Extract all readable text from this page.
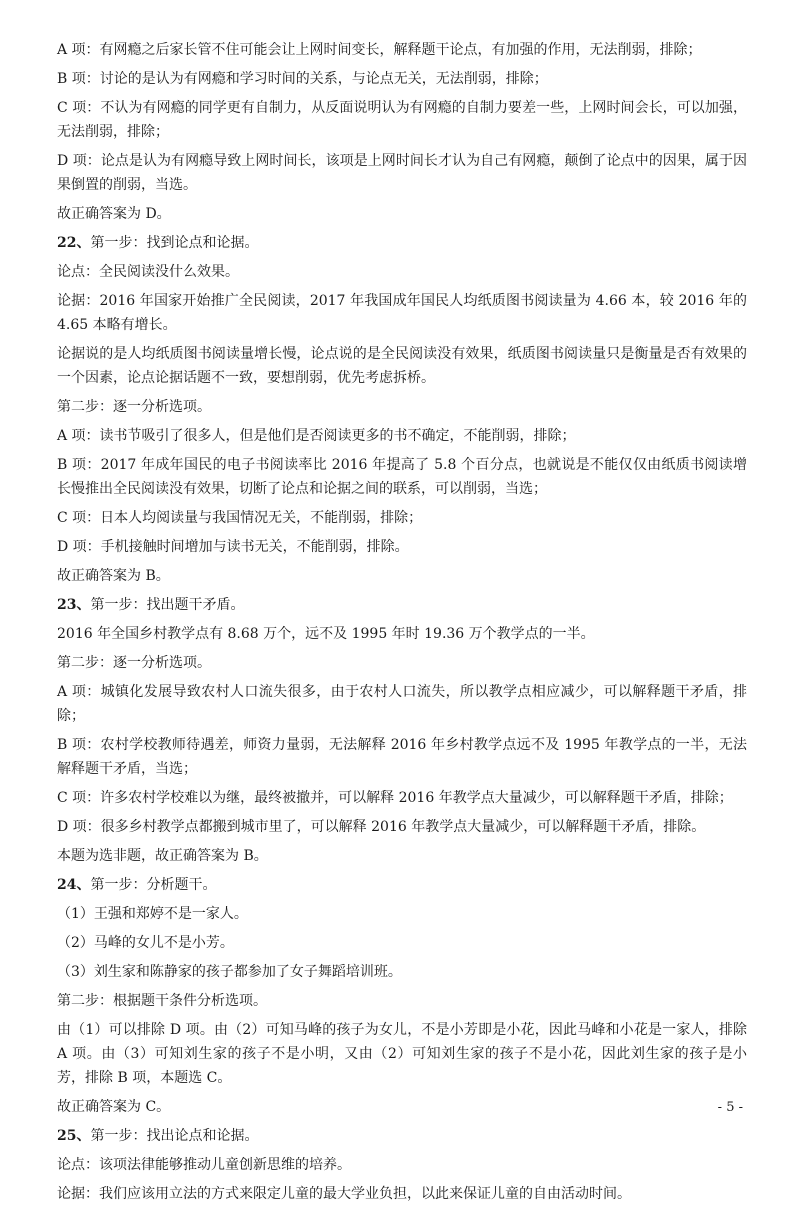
A 项：有网瘾之后家长管不住可能会让上网时间变长，解释题干论点，有加强的作用，无法削弱，排除；
B 项：讨论的是认为有网瘾和学习时间的关系，与论点无关，无法削弱，排除；
C 项：不认为有网瘾的同学更有自制力，从反面说明认为有网瘾的自制力要差一些，上网时间会长，可以加强，无法削弱，排除；
D 项：论点是认为有网瘾导致上网时间长，该项是上网时间长才认为自己有网瘾，颠倒了论点中的因果，属于因果倒置的削弱，当选。
故正确答案为 D。
22、第一步：找到论点和论据。
论点：全民阅读没什么效果。
论据：2016 年国家开始推广全民阅读，2017 年我国成年国民人均纸质图书阅读量为 4.66 本，较 2016 年的 4.65 本略有增长。
论据说的是人均纸质图书阅读量增长慢，论点说的是全民阅读没有效果，纸质图书阅读量只是衡量是否有效果的一个因素，论点论据话题不一致，要想削弱，优先考虑拆桥。
第二步：逐一分析选项。
A 项：读书节吸引了很多人，但是他们是否阅读更多的书不确定，不能削弱，排除；
B 项：2017 年成年国民的电子书阅读率比 2016 年提高了 5.8 个百分点，也就说是不能仅仅由纸质书阅读增长慢推出全民阅读没有效果，切断了论点和论据之间的联系，可以削弱，当选；
C 项：日本人均阅读量与我国情况无关，不能削弱，排除；
D 项：手机接触时间增加与读书无关，不能削弱，排除。
故正确答案为 B。
23、第一步：找出题干矛盾。
2016 年全国乡村教学点有 8.68 万个，远不及 1995 年时 19.36 万个教学点的一半。
第二步：逐一分析选项。
A 项：城镇化发展导致农村人口流失很多，由于农村人口流失，所以教学点相应减少，可以解释题干矛盾，排除；
B 项：农村学校教师待遇差，师资力量弱，无法解释 2016 年乡村教学点远不及 1995 年教学点的一半，无法解释题干矛盾，当选；
C 项：许多农村学校难以为继，最终被撤并，可以解释 2016 年教学点大量减少，可以解释题干矛盾，排除；
D 项：很多乡村教学点都搬到城市里了，可以解释 2016 年教学点大量减少，可以解释题干矛盾，排除。
本题为选非题，故正确答案为 B。
24、第一步：分析题干。
（1）王强和郑婷不是一家人。
（2）马峰的女儿不是小芳。
（3）刘生家和陈静家的孩子都参加了女子舞蹈培训班。
第二步：根据题干条件分析选项。
由（1）可以排除 D 项。由（2）可知马峰的孩子为女儿，不是小芳即是小花，因此马峰和小花是一家人，排除 A 项。由（3）可知刘生家的孩子不是小明，又由（2）可知刘生家的孩子不是小花，因此刘生家的孩子是小芳，排除 B 项，本题选 C。
故正确答案为 C。
25、第一步：找出论点和论据。
论点：该项法律能够推动儿童创新思维的培养。
论据：我们应该用立法的方式来限定儿童的最大学业负担，以此来保证儿童的自由活动时间。
- 5 -
